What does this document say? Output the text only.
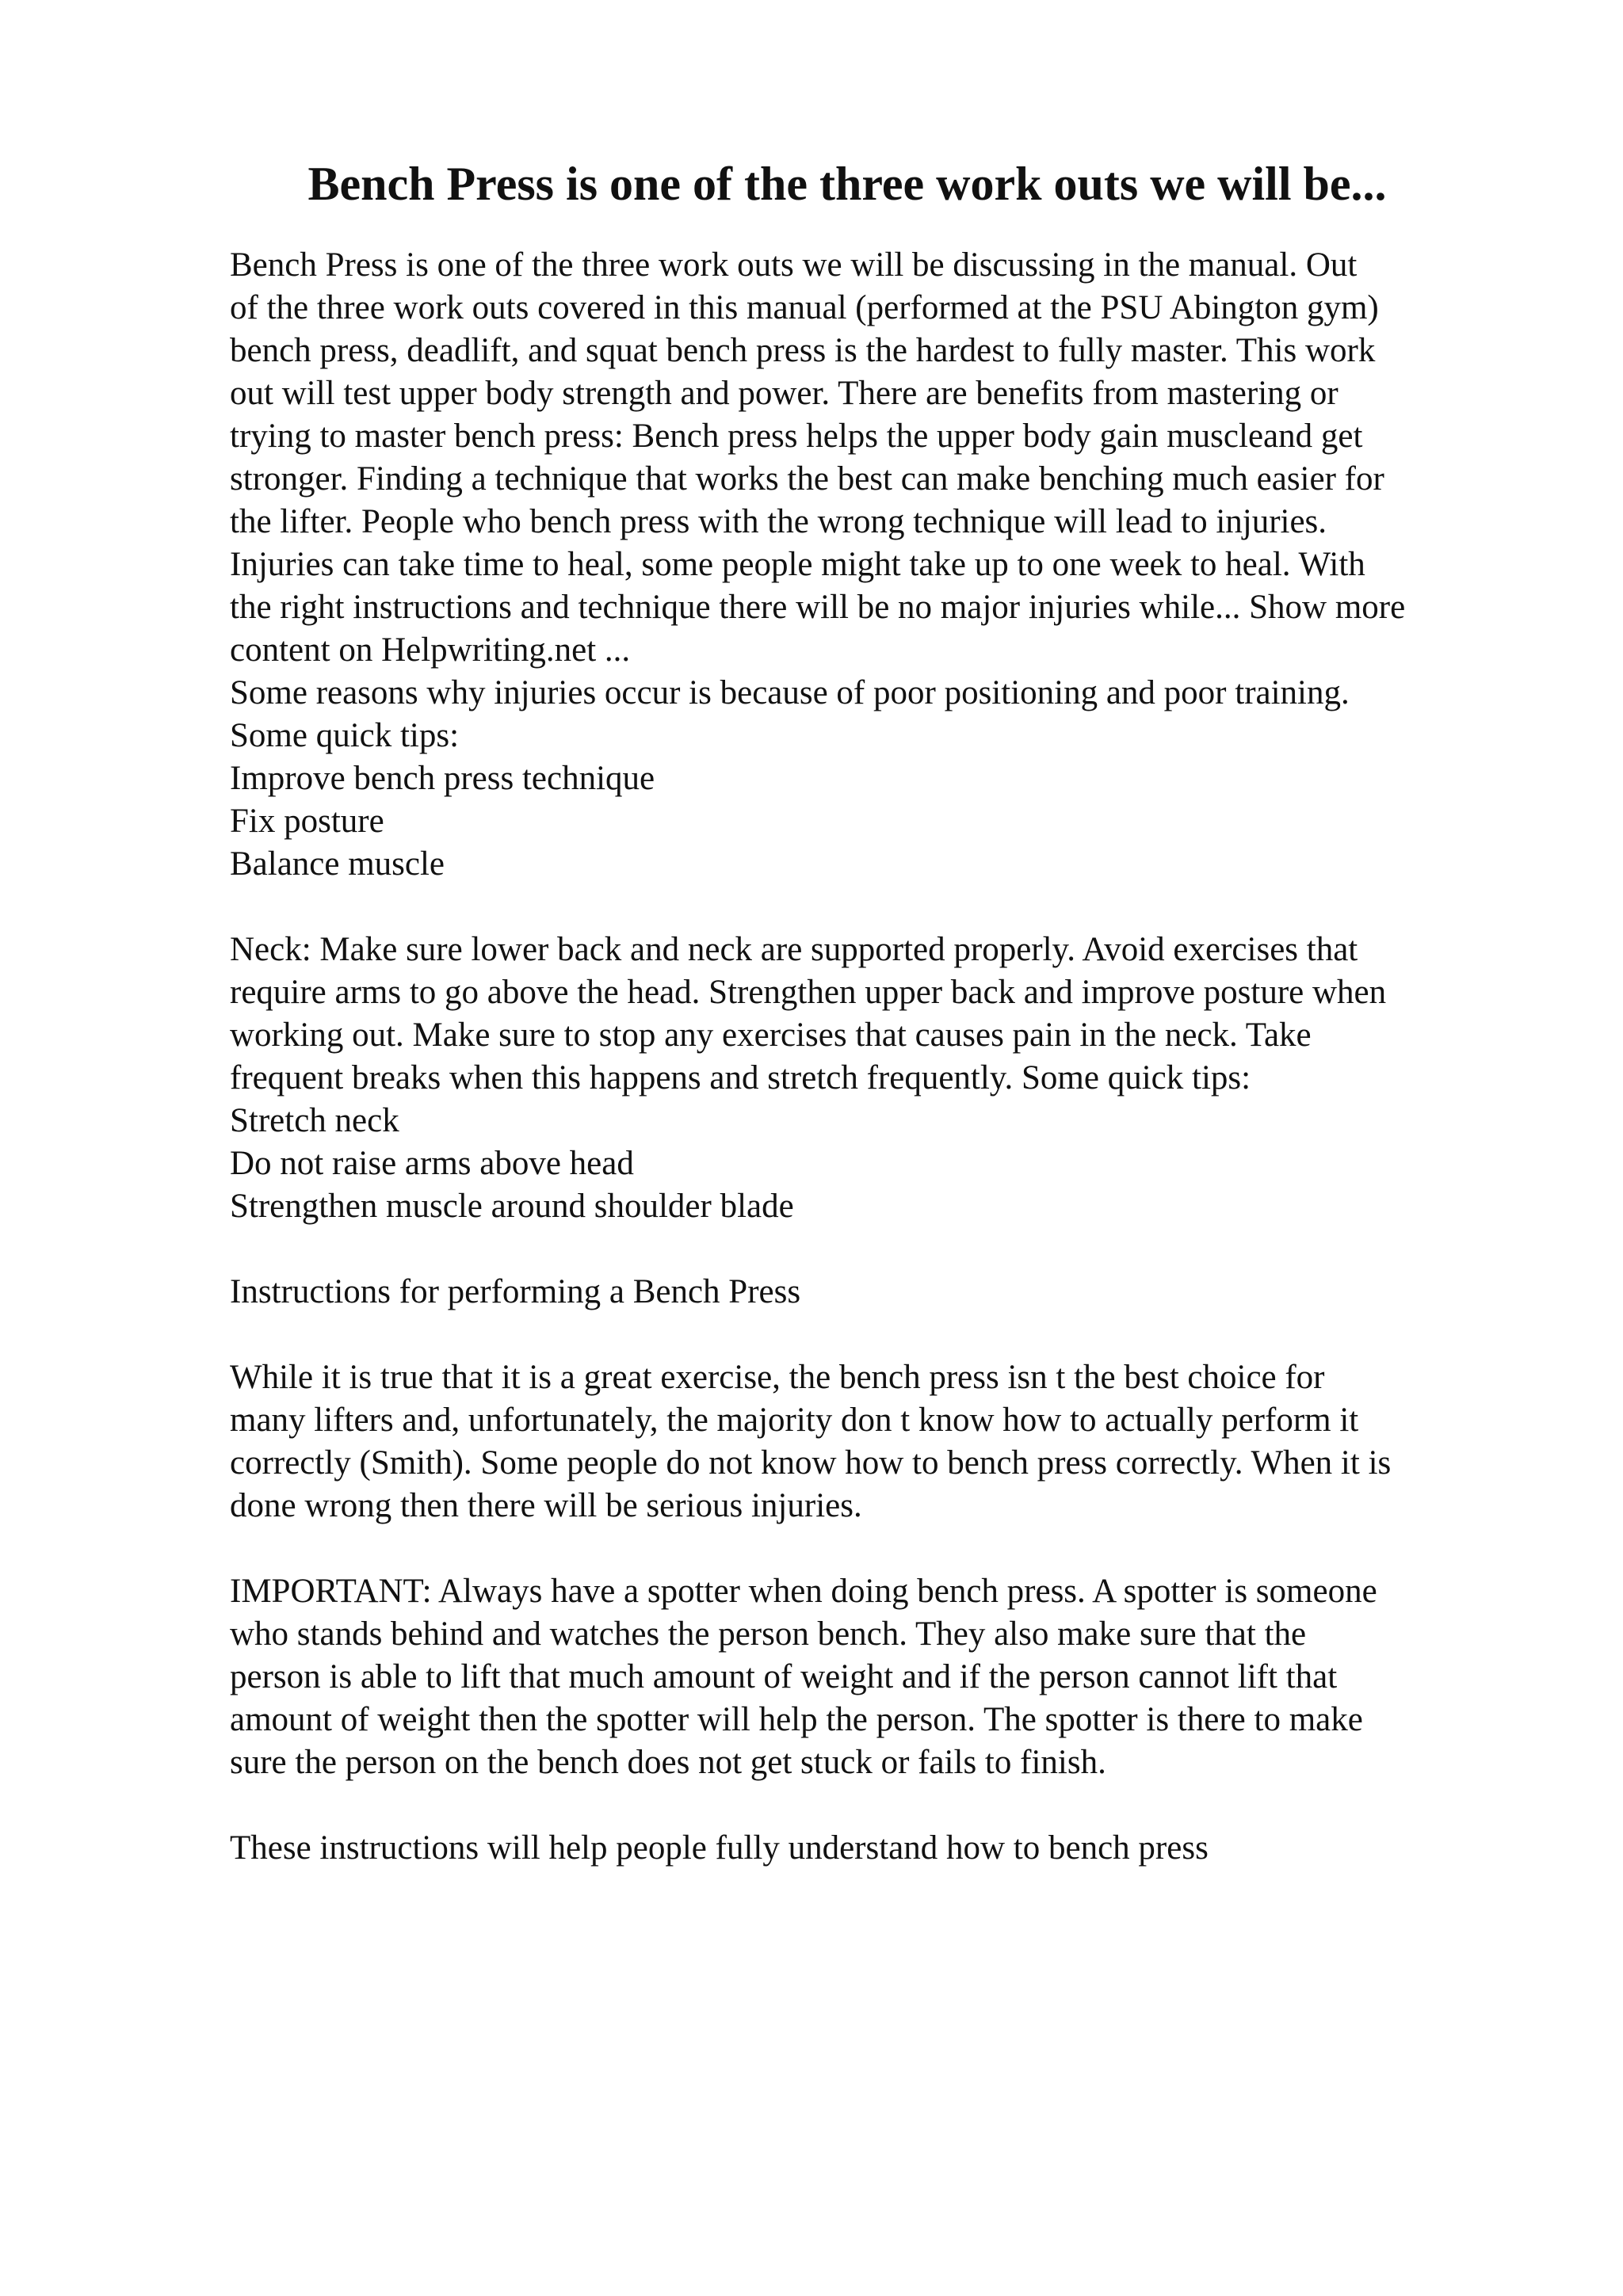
Bench Press is one of the three work outs we will be...
Bench Press is one of the three work outs we will be discussing in the manual. Out
of the three work outs covered in this manual (performed at the PSU Abington gym)
bench press, deadlift, and squat bench press is the hardest to fully master. This work
out will test upper body strength and power. There are benefits from mastering or
trying to master bench press: Bench press helps the upper body gain muscleand get
stronger. Finding a technique that works the best can make benching much easier for
the lifter. People who bench press with the wrong technique will lead to injuries.
Injuries can take time to heal, some people might take up to one week to heal. With
the right instructions and technique there will be no major injuries while... Show more
content on Helpwriting.net ...
Some reasons why injuries occur is because of poor positioning and poor training.
Some quick tips:
Improve bench press technique
Fix posture
Balance muscle
Neck: Make sure lower back and neck are supported properly. Avoid exercises that
require arms to go above the head. Strengthen upper back and improve posture when
working out. Make sure to stop any exercises that causes pain in the neck. Take
frequent breaks when this happens and stretch frequently. Some quick tips:
Stretch neck
Do not raise arms above head
Strengthen muscle around shoulder blade
Instructions for performing a Bench Press
While it is true that it is a great exercise, the bench press isn t the best choice for
many lifters and, unfortunately, the majority don t know how to actually perform it
correctly (Smith). Some people do not know how to bench press correctly. When it is
done wrong then there will be serious injuries.
IMPORTANT: Always have a spotter when doing bench press. A spotter is someone
who stands behind and watches the person bench. They also make sure that the
person is able to lift that much amount of weight and if the person cannot lift that
amount of weight then the spotter will help the person. The spotter is there to make
sure the person on the bench does not get stuck or fails to finish.
These instructions will help people fully understand how to bench press
